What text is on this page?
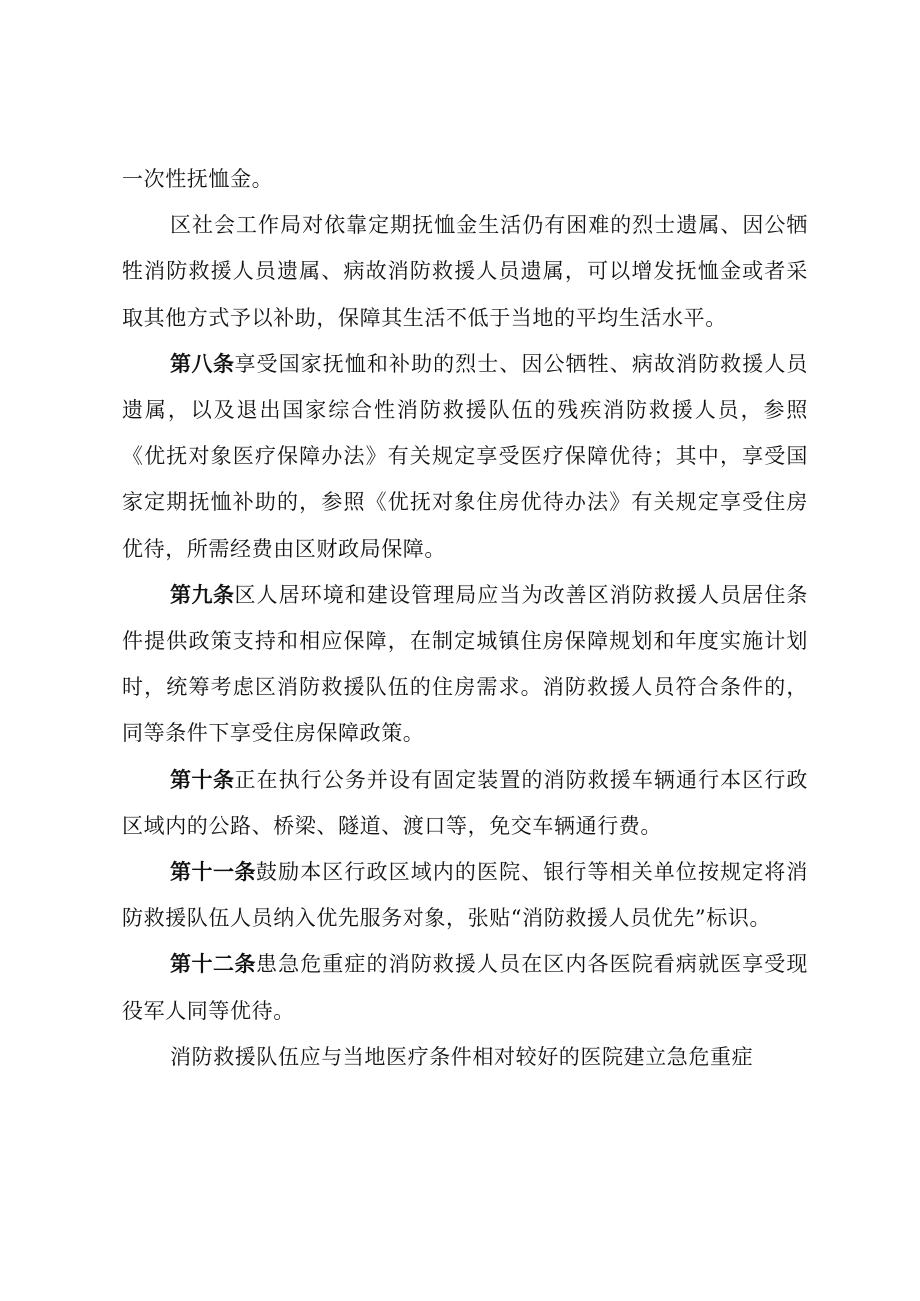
一次性抚恤金。

区社会工作局对依靠定期抚恤金生活仍有困难的烈士遗属、因公牺牲消防救援人员遗属、病故消防救援人员遗属，可以增发抚恤金或者采取其他方式予以补助，保障其生活不低于当地的平均生活水平。

第八条享受国家抚恤和补助的烈士、因公牺牲、病故消防救援人员遗属，以及退出国家综合性消防救援队伍的残疾消防救援人员，参照《优抚对象医疗保障办法》有关规定享受医疗保障优待；其中，享受国家定期抚恤补助的，参照《优抚对象住房优待办法》有关规定享受住房优待，所需经费由区财政局保障。

第九条区人居环境和建设管理局应当为改善区消防救援人员居住条件提供政策支持和相应保障，在制定城镇住房保障规划和年度实施计划时，统筹考虑区消防救援队伍的住房需求。消防救援人员符合条件的，同等条件下享受住房保障政策。

第十条正在执行公务并设有固定装置的消防救援车辆通行本区行政区域内的公路、桥梁、隧道、渡口等，免交车辆通行费。

第十一条鼓励本区行政区域内的医院、银行等相关单位按规定将消防救援队伍人员纳入优先服务对象，张贴“消防救援人员优先”标识。

第十二条患急危重症的消防救援人员在区内各医院看病就医享受现役军人同等优待。

消防救援队伍应与当地医疗条件相对较好的医院建立急危重症
